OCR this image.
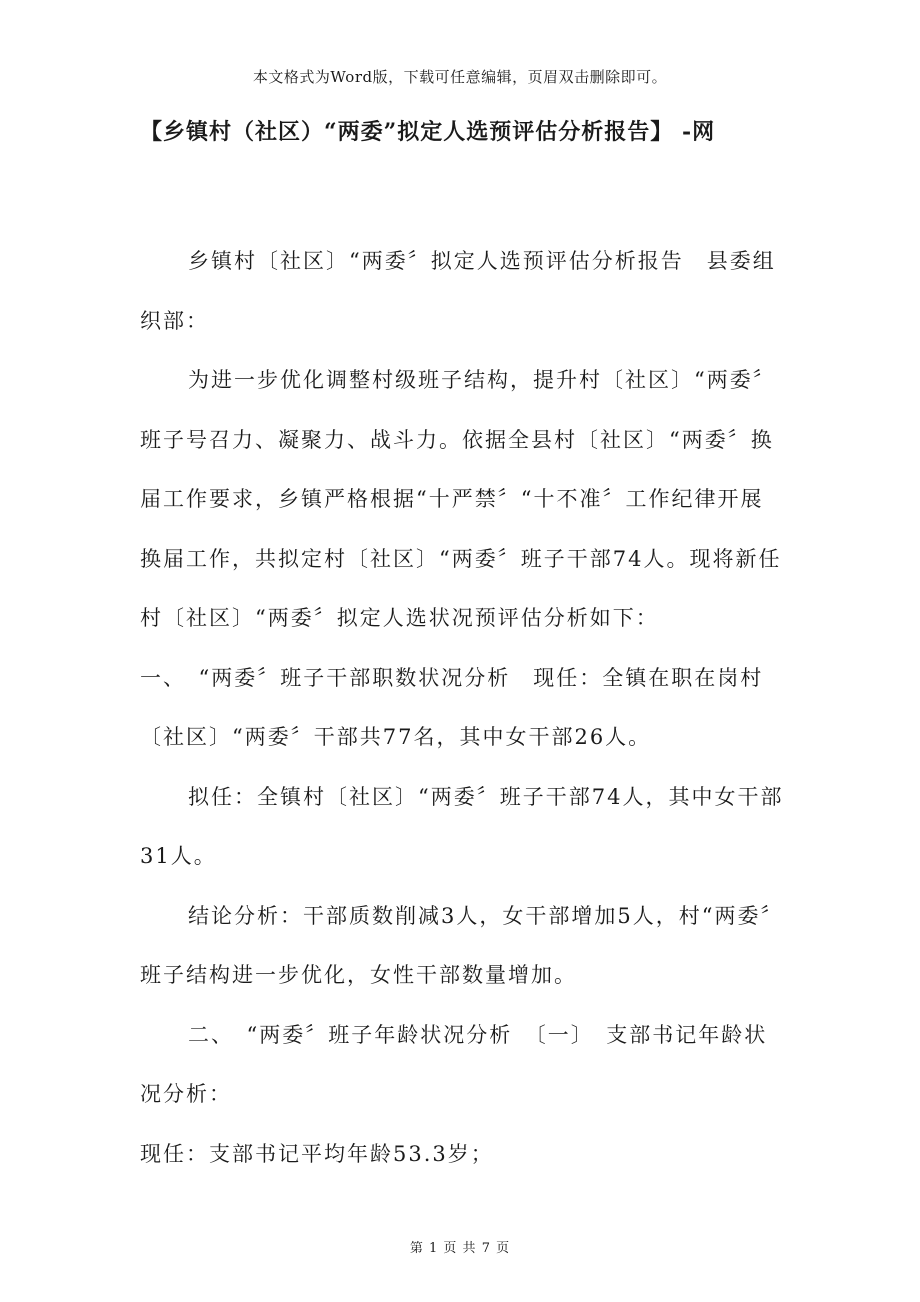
本文格式为Word版，下载可任意编辑，页眉双击删除即可。
【乡镇村（社区）“两委”拟定人选预评估分析报告】 -网

乡镇村〔社区〕“两委〞拟定人选预评估分析报告　县委组织部：

为进一步优化调整村级班子结构，提升村〔社区〕“两委〞班子号召力、凝聚力、战斗力。依据全县村〔社区〕“两委〞换届工作要求，乡镇严格根据“十严禁〞“十不准〞工作纪律开展换届工作，共拟定村〔社区〕“两委〞班子干部74人。现将新任村〔社区〕“两委〞拟定人选状况预评估分析如下：

一、　“两委〞班子干部职数状况分析　现任：全镇在职在岗村〔社区〕“两委〞干部共77名，其中女干部26人。

拟任：全镇村〔社区〕“两委〞班子干部74人，其中女干部31人。

结论分析：干部质数削减3人，女干部增加5人，村“两委〞班子结构进一步优化，女性干部数量增加。

二、　“两委〞班子年龄状况分析　〔一〕　支部书记年龄状况分析：

现任：支部书记平均年龄53.3岁；

第 1 页 共 7 页
